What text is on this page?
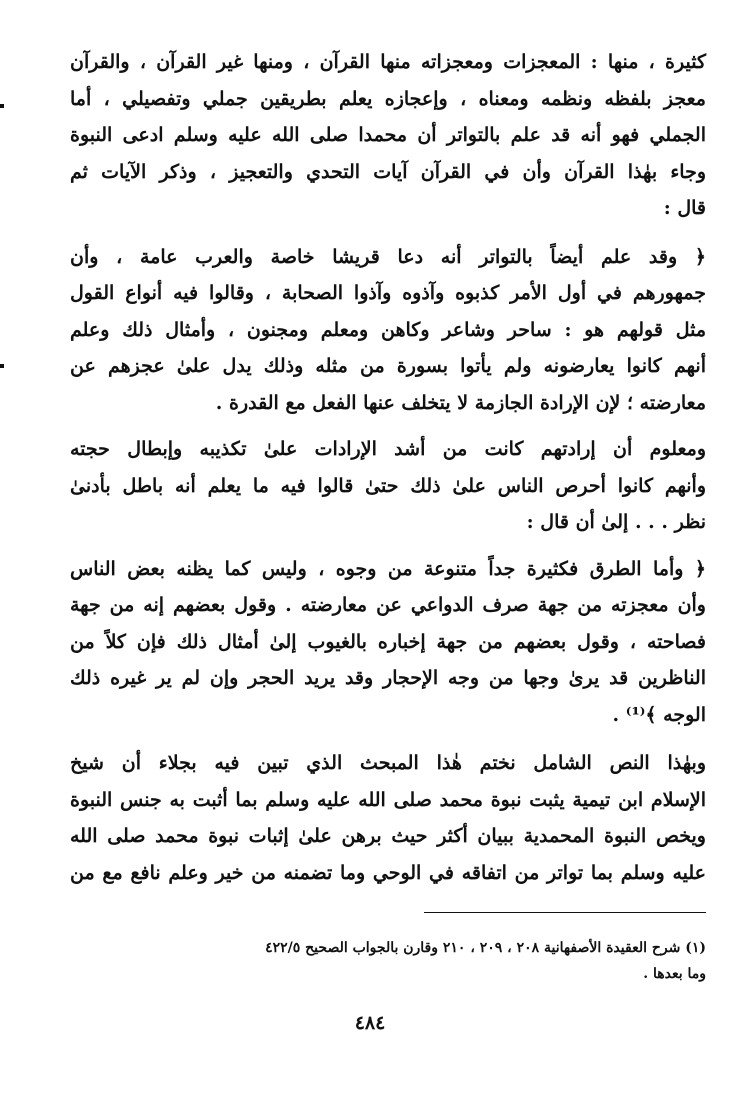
كثيرة ، منها : المعجزات ومعجزاته منها القرآن ، ومنها غير القرآن ، والقرآن
معجز بلفظه ونظمه ومعناه ، وإعجازه يعلم بطريقين جملي وتفصيلي ، أما
الجملي فهو أنه قد علم بالتواتر أن محمدا صلى الله عليه وسلم ادعى النبوة
وجاء بهٰذا القرآن وأن في القرآن آيات التحدي والتعجيز ، وذكر الآيات ثم
قال :
﴿ وقد علم أيضاً بالتواتر أنه دعا قريشا خاصة والعرب عامة ، وأن
جمهورهم في أول الأمر كذبوه وآذوه وآذوا الصحابة ، وقالوا فيه أنواع القول
مثل قولهم هو : ساحر وشاعر وكاهن ومعلم ومجنون ، وأمثال ذلك وعلم
أنهم كانوا يعارضونه ولم يأتوا بسورة من مثله وذلك يدل علىٰ عجزهم عن
معارضته ؛ لإن الإرادة الجازمة لا يتخلف عنها الفعل مع القدرة .
ومعلوم أن إرادتهم كانت من أشد الإرادات علىٰ تكذيبه وإبطال حجته
وأنهم كانوا أحرص الناس علىٰ ذلك حتىٰ قالوا فيه ما يعلم أنه باطل بأدنىٰ
نظر . . . إلىٰ أن قال :
﴿ وأما الطرق فكثيرة جداً متنوعة من وجوه ، وليس كما يظنه بعض الناس
وأن معجزته من جهة صرف الدواعي عن معارضته . وقول بعضهم إنه من جهة
فصاحته ، وقول بعضهم من جهة إخباره بالغيوب إلىٰ أمثال ذلك فإن كلاً من
الناظرين قد يرىٰ وجها من وجه الإحجار وقد يريد الحجر وإن لم ير غيره ذلك
الوجه ﴾⁽¹⁾ .
وبهٰذا النص الشامل نختم هٰذا المبحث الذي تبين فيه بجلاء أن شيخ
الإسلام ابن تيمية يثبت نبوة محمد صلى الله عليه وسلم بما أثبت به جنس النبوة
ويخص النبوة المحمدية ببيان أكثر حيث برهن علىٰ إثبات نبوة محمد صلى الله
عليه وسلم بما تواتر من اتفاقه في الوحي وما تضمنه من خير وعلم نافع مع من
(١) شرح العقيدة الأصفهانية ٢٠٨ ، ٢٠٩ ، ٢١٠ وقارن بالجواب الصحيح ٤٢٢/٥
وما بعدها .
٤٨٤
